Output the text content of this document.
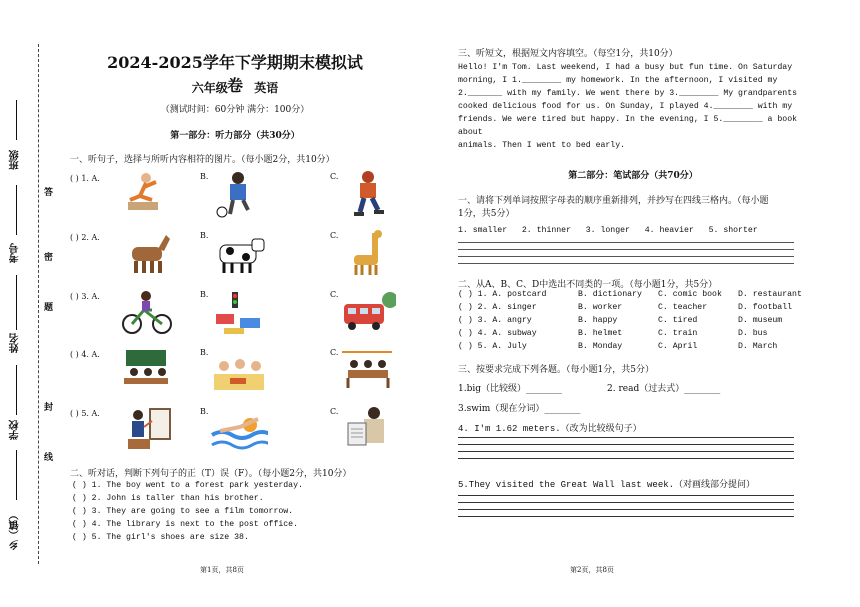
班级
考号
姓名
学校
乡（镇）
答
题
封
线
密
2024-2025学年下学期期末模拟试卷
六年级 英语
（测试时间：60分钟 满分：100分）
第一部分：听力部分（共30分）
一、听句子，选择与所听内容相符的图片。（每小题2分，共10分）
( ) 1. A.	B.	C.
( ) 2. A.	B.	C.
( ) 3. A.	B.	C.
( ) 4. A.	B.	C.
( ) 5. A.	B.	C.
二、听对话，判断下列句子的正（T）误（F）。（每小题2分，共10分）
( ) 1. The boy went to a forest park yesterday.
( ) 2. John is taller than his brother.
( ) 3. They are going to see a film tomorrow.
( ) 4. The library is next to the post office.
( ) 5. The girl's shoes are size 38.
第1页，共8页
三、听短文，根据短文内容填空。（每空1分，共10分）
Hello! I'm Tom. Last weekend, I had a busy but fun time. On Saturday
morning, I 1.________ my homework. In the afternoon, I visited my
2._______ with my family. We went there by 3.________ My grandparents
cooked delicious food for us. On Sunday, I played 4.________ with my
friends. We were tired but happy. In the evening, I 5.________ a book about
animals. Then I went to bed early.
第二部分：笔试部分（共70分）
一、请将下列单词按照字母表的顺序重新排列，并抄写在四线三格内。（每小题
1分，共5分）
1. smaller   2. thinner   3. longer   4. heavier   5. shorter
二、从A、B、C、D中选出不同类的一项。（每小题1分，共5分）
( ) 1. A. postcard	B. dictionary C. comic book D. restaurant
( ) 2. A. singer	B. worker	C. teacher	D. football
( ) 3. A. angry	B. happy	C. tired	D. museum
( ) 4. A. subway	B. helmet	C. train	D. bus
( ) 5. A. July	B. Monday	C. April	D. March
三、按要求完成下列各题。（每小题1分，共5分）
1.big（比较级）________	2. read（过去式）________
3.swim（现在分词）________
4. I'm 1.62 meters.（改为比较级句子）
5.They visited the Great Wall last week.（对画线部分提问）
第2页，共8页
